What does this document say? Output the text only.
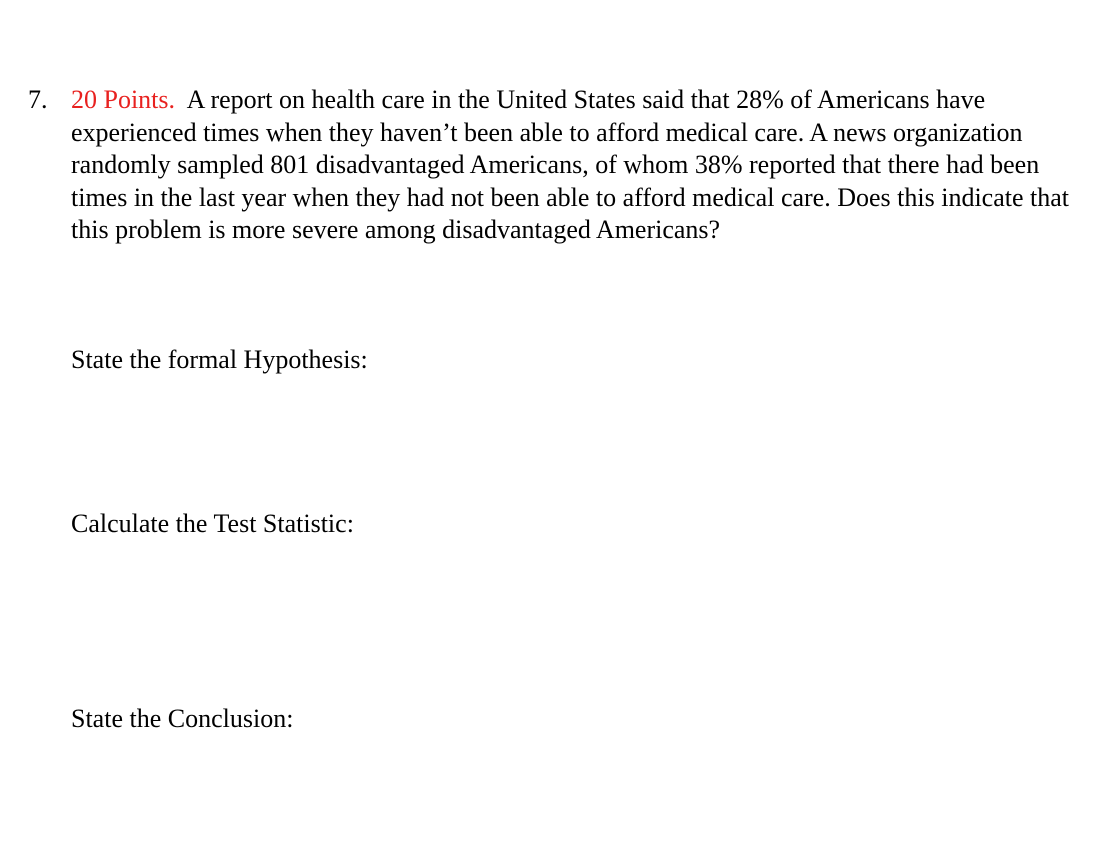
7. 20 Points. A report on health care in the United States said that 28% of Americans have experienced times when they haven’t been able to afford medical care. A news organization randomly sampled 801 disadvantaged Americans, of whom 38% reported that there had been times in the last year when they had not been able to afford medical care. Does this indicate that this problem is more severe among disadvantaged Americans?
State the formal Hypothesis:
Calculate the Test Statistic:
State the Conclusion:
